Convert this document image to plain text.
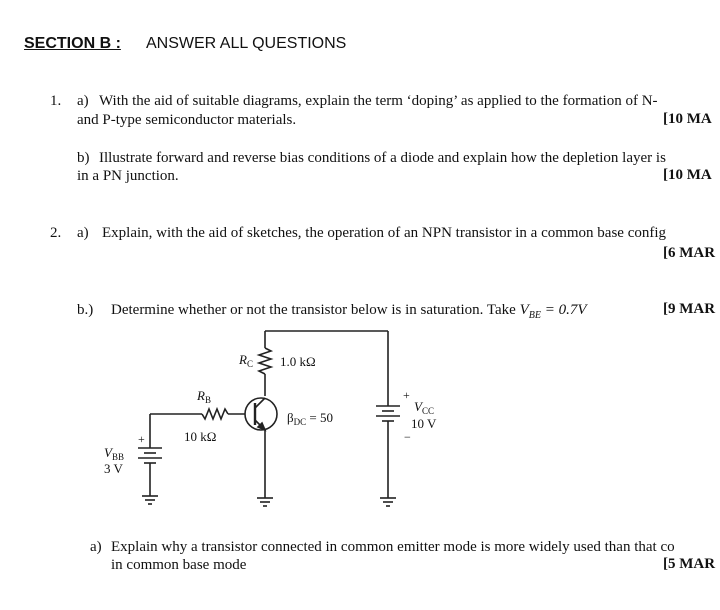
SECTION B : ANSWER ALL QUESTIONS
1. a) With the aid of suitable diagrams, explain the term ‘doping’ as applied to the formation of N-
and P-type semiconductor materials.	[10 MA
b) Illustrate forward and reverse bias conditions of a diode and explain how the depletion layer is
in a PN junction.	[10 MA
2. a) Explain, with the aid of sketches, the operation of an NPN transistor in a common base config
[6 MAR
b.) Determine whether or not the transistor below is in saturation. Take $V_{BE} = 0.7V$	[9 MAR
$R_C$ 1.0 kΩ
$R_B$
10 kΩ
$\beta_{DC} = 50$
+
$V_{CC}$
10 V
−
+
$V_{BB}$
3 V
a) Explain why a transistor connected in common emitter mode is more widely used than that co
in common base mode	[5 MAR
